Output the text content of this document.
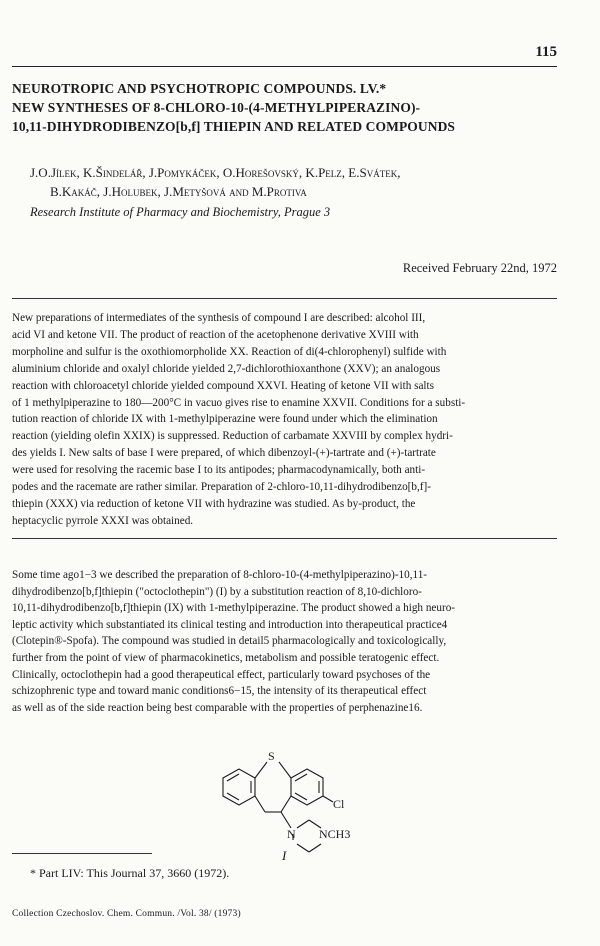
115
NEUROTROPIC AND PSYCHOTROPIC COMPOUNDS. LV.*
NEW SYNTHESES OF 8-CHLORO-10-(4-METHYLPIPERAZINO)-
10,11-DIHYDRODIBENZO[b,f] THIEPIN AND RELATED COMPOUNDS
J.O.Jílek, K.Šindelář, J.Pomykáček, O.Horešovský, K.Pelz, E.Svátek,
B.Kakáč, J.Holubek, J.Metyšová and M.Protiva
Research Institute of Pharmacy and Biochemistry, Prague 3
Received February 22nd, 1972
New preparations of intermediates of the synthesis of compound I are described: alcohol III,
acid VI and ketone VII. The product of reaction of the acetophenone derivative XVIII with
morpholine and sulfur is the oxothiomorpholide XX. Reaction of di(4-chlorophenyl) sulfide with
aluminium chloride and oxalyl chloride yielded 2,7-dichlorothioxanthone (XXV); an analogous
reaction with chloroacetyl chloride yielded compound XXVI. Heating of ketone VII with salts
of 1 methylpiperazine to 180—200°C in vacuo gives rise to enamine XXVII. Conditions for a substi-
tution reaction of chloride IX with 1-methylpiperazine were found under which the elimination
reaction (yielding olefin XXIX) is suppressed. Reduction of carbamate XXVIII by complex hydri-
des yields I. New salts of base I were prepared, of which dibenzoyl-(+)-tartrate and (+)-tartrate
were used for resolving the racemic base I to its antipodes; pharmacodynamically, both anti-
podes and the racemate are rather similar. Preparation of 2-chloro-10,11-dihydrodibenzo[b,f]-
thiepin (XXX) via reduction of ketone VII with hydrazine was studied. As by-product, the
heptacyclic pyrrole XXXI was obtained.
Some time ago1−3 we described the preparation of 8-chloro-10-(4-methylpiperazino)-10,11-
dihydrodibenzo[b,f]thiepin ("octoclothepin") (I) by a substitution reaction of 8,10-dichloro-
10,11-dihydrodibenzo[b,f]thiepin (IX) with 1-methylpiperazine. The product showed a high neuro-
leptic activity which substantiated its clinical testing and introduction into therapeutical practice4
(Clotepin®-Spofa). The compound was studied in detail5 pharmacologically and toxicologically,
further from the point of view of pharmacokinetics, metabolism and possible teratogenic effect.
Clinically, octoclothepin had a good therapeutical effect, particularly toward psychoses of the
schizophrenic type and toward manic conditions6−15, the intensity of its therapeutical effect
as well as of the side reaction being best comparable with the properties of perphenazine16.
S
Cl
N NCH3
I
* Part LIV: This Journal 37, 3660 (1972).
Collection Czechoslov. Chem. Commun. /Vol. 38/ (1973)
